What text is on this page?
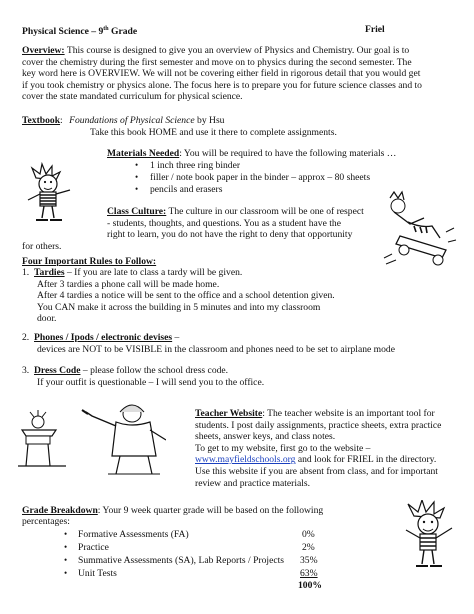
Physical Science – 9th Grade	Friel
Overview: This course is designed to give you an overview of Physics and Chemistry. Our goal is to
cover the chemistry during the first semester and move on to physics during the second semester. The
key word here is OVERVIEW. We will not be covering either field in rigorous detail that you would get
if you took chemistry or physics alone. The focus here is to prepare you for future science classes and to
cover the state mandated curriculum for physical science.
Textbook: Foundations of Physical Science by Hsu
Take this book HOME and use it there to complete assignments.
Materials Needed: You will be required to have the following materials …
• 1 inch three ring binder
• filler / note book paper in the binder – approx – 80 sheets
• pencils and erasers
Class Culture: The culture in our classroom will be one of respect
- students, thoughts, and questions. You as a student have the
right to learn, you do not have the right to deny that opportunity
for others.
Four Important Rules to Follow:
1. Tardies – If you are late to class a tardy will be given.
After 3 tardies a phone call will be made home.
After 4 tardies a notice will be sent to the office and a school detention given.
You CAN make it across the building in 5 minutes and into my classroom
door.
2. Phones / Ipods / electronic devises –
devices are NOT to be VISIBLE in the classroom and phones need to be set to airplane mode
3. Dress Code – please follow the school dress code.
If your outfit is questionable – I will send you to the office.
Teacher Website: The teacher website is an important tool for
students. I post daily assignments, practice sheets, extra practice
sheets, answer keys, and class notes.
To get to my website, first go to the website –
www.mayfieldschools.org and look for FRIEL in the directory.
Use this website if you are absent from class, and for important
review and practice materials.
Grade Breakdown: Your 9 week quarter grade will be based on the following
percentages:
• Formative Assessments (FA)	0%
• Practice	2%
• Summative Assessments (SA), Lab Reports / Projects 35%
• Unit Tests	63%
100%
